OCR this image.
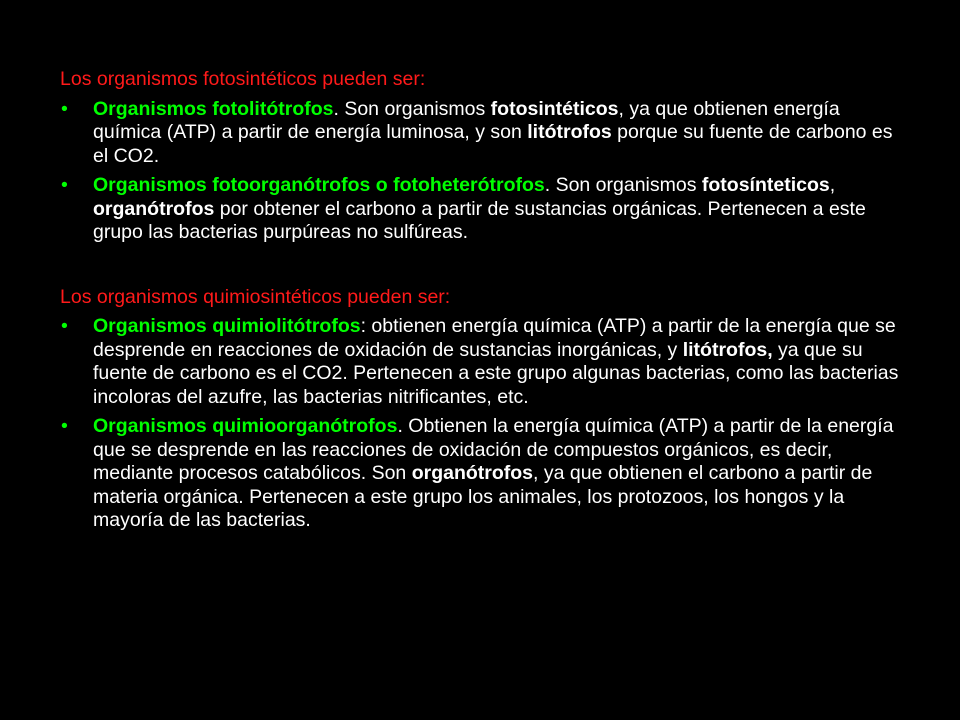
Los organismos fotosintéticos pueden ser:
• Organismos fotolitótrofos. Son organismos fotosintéticos, ya que obtienen energía química (ATP) a partir de energía luminosa, y son litótrofos porque su fuente de carbono es el CO2.
• Organismos fotoorganótrofos o fotoheterótrofos. Son organismos fotosínteticos, organótrofos por obtener el carbono a partir de sustancias orgánicas. Pertenecen a este grupo las bacterias purpúreas no sulfúreas.
Los organismos quimiosintéticos pueden ser:
• Organismos quimiolitótrofos: obtienen energía química (ATP) a partir de la energía que se desprende en reacciones de oxidación de sustancias inorgánicas, y litótrofos, ya que su fuente de carbono es el CO2. Pertenecen a este grupo algunas bacterias, como las bacterias incoloras del azufre, las bacterias nitrificantes, etc.
• Organismos quimioorganótrofos. Obtienen la energía química (ATP) a partir de la energía que se desprende en las reacciones de oxidación de compuestos orgánicos, es decir, mediante procesos catabólicos. Son organótrofos, ya que obtienen el carbono a partir de materia orgánica. Pertenecen a este grupo los animales, los protozoos, los hongos y la mayoría de las bacterias.
